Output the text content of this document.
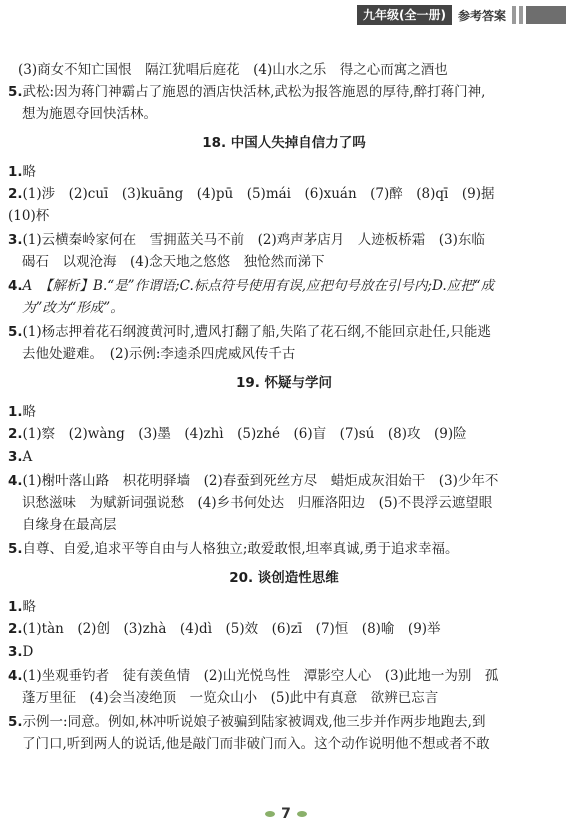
九年级(全一册)	参考答案
(3)商女不知亡国恨　隔江犹唱后庭花　(4)山水之乐　得之心而寓之酒也
5.武松:因为蒋门神霸占了施恩的酒店快活林,武松为报答施恩的厚待,醉打蒋门神,
想为施恩夺回快活林。
18. 中国人失掉自信力了吗
1.略
2.(1)涉　(2)cuī　(3)kuāng　(4)pū　(5)mái　(6)xuán　(7)醉　(8)qī　(9)据
(10)杯
3.(1)云横秦岭家何在　雪拥蓝关马不前　(2)鸡声茅店月　人迹板桥霜　(3)东临
碣石　以观沧海　(4)念天地之悠悠　独怆然而涕下
4.A　【解析】B.“是”作谓语;C.标点符号使用有误,应把句号放在引号内;D.应把“成
为”改为“形成”。
5.(1)杨志押着花石纲渡黄河时,遭风打翻了船,失陷了花石纲,不能回京赴任,只能逃
去他处避难。　(2)示例:李逵杀四虎威风传千古
19. 怀疑与学问
1.略
2.(1)察　(2)wàng　(3)墨　(4)zhì　(5)zhé　(6)盲　(7)sú　(8)攻　(9)险
3.A
4.(1)榭叶落山路　枳花明驿墙　(2)春蚕到死丝方尽　蜡炬成灰泪始干　(3)少年不
识愁滋味　为赋新词强说愁　(4)乡书何处达　归雁洛阳边　(5)不畏浮云遮望眼
自缘身在最高层
5.自尊、自爱,追求平等自由与人格独立;敢爱敢恨,坦率真诚,勇于追求幸福。
20. 谈创造性思维
1.略
2.(1)tàn　(2)创　(3)zhà　(4)dì　(5)效　(6)zī　(7)恒　(8)喻　(9)举
3.D
4.(1)坐观垂钓者　徒有羡鱼情　(2)山光悦鸟性　潭影空人心　(3)此地一为别　孤
蓬万里征　(4)会当凌绝顶　一览众山小　(5)此中有真意　欲辨已忘言
5.示例一:同意。例如,林冲听说娘子被骗到陆家被调戏,他三步并作两步地跑去,到
了门口,听到两人的说话,他是敲门而非破门而入。这个动作说明他不想或者不敢
7
